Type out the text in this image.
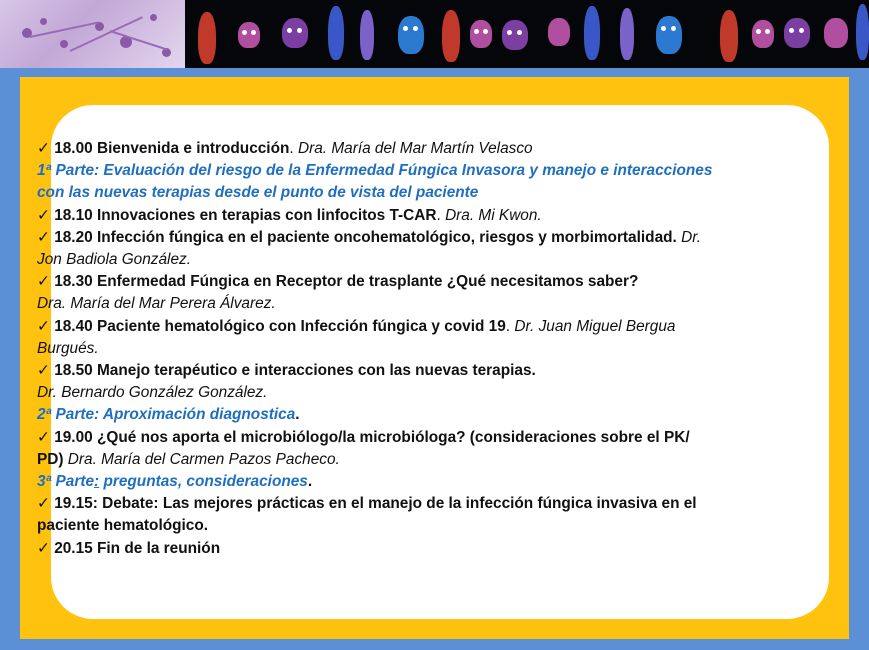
✓ 18.00 Bienvenida e introducción. Dra. María del Mar Martín Velasco
1ª Parte: Evaluación del riesgo de la Enfermedad Fúngica Invasora y manejo e interacciones
con las nuevas terapias desde el punto de vista del paciente
✓ 18.10 Innovaciones en terapias con linfocitos T-CAR. Dra. Mi Kwon.
✓ 18.20 Infección fúngica en el paciente oncohematológico, riesgos y morbimortalidad. Dr.
Jon Badiola González.
✓ 18.30 Enfermedad Fúngica en Receptor de trasplante ¿Qué necesitamos saber?
Dra. María del Mar Perera Álvarez.
✓ 18.40 Paciente hematológico con Infección fúngica y covid 19. Dr. Juan Miguel Bergua
Burgués.
✓ 18.50 Manejo terapéutico e interacciones con las nuevas terapias.
Dr. Bernardo González González.
2ª Parte: Aproximación diagnostica.
✓ 19.00 ¿Qué nos aporta el microbiólogo/la microbióloga? (consideraciones sobre el PK/
PD) Dra. María del Carmen Pazos Pacheco.
3ª Parte: preguntas, consideraciones.
✓ 19.15: Debate: Las mejores prácticas en el manejo de la infección fúngica invasiva en el
paciente hematológico.
✓ 20.15 Fin de la reunión
